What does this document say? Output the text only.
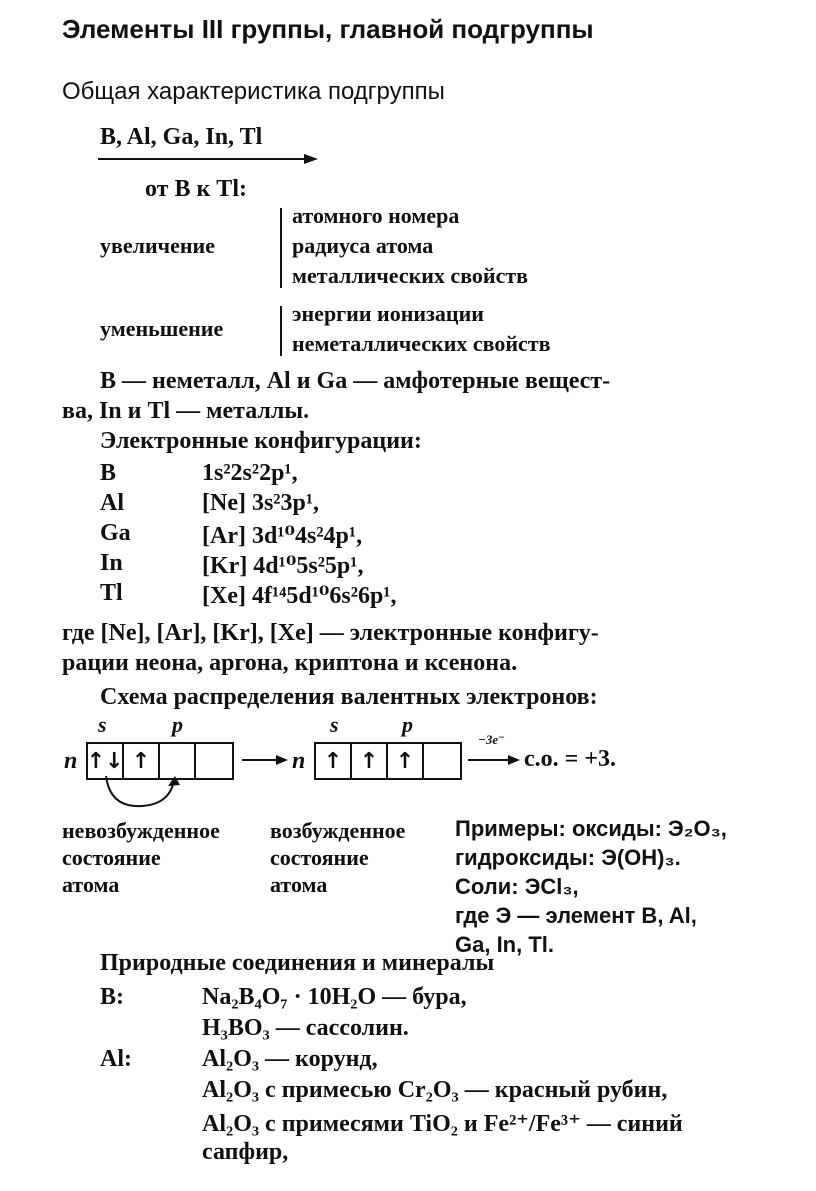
Элементы III группы, главной подгруппы
Общая характеристика подгруппы
B, Al, Ga, In, Tl
от B к Tl:
увеличение
атомного номера
радиуса атома
металлических свойств
уменьшение
энергии ионизации
неметаллических свойств
B — неметалл, Al и Ga — амфотерные вещест-
ва, In и Tl — металлы.
Электронные конфигурации:
B	1s²2s²2p¹,
Al	[Ne] 3s²3p¹,
Ga	[Ar] 3d¹⁰4s²4p¹,
In	[Kr] 4d¹⁰5s²5p¹,
Tl	[Xe] 4f¹⁴5d¹⁰6s²6p¹,
где [Ne], [Ar], [Kr], [Xe] — электронные конфигу-
рации неона, аргона, криптона и ксенона.
Схема распределения валентных электронов:
s	p	s	p
n ↑↓ ↑	n ↑ ↑ ↑
−3e⁻
с.о. = +3.
невозбужденное
состояние
атома
возбужденное
состояние
атома
Примеры: оксиды: Э₂O₃,
гидроксиды: Э(OH)₃.
Соли: ЭCl₃,
где Э — элемент B, Al,
Ga, In, Tl.
Природные соединения и минералы
B:	Na₂B₄O₇ · 10H₂O — бура,
H₃BO₃ — сассолин.
Al:	Al₂O₃ — корунд,
Al₂O₃ с примесью Cr₂O₃ — красный рубин,
Al₂O₃ с примесями TiO₂ и Fe²⁺/Fe³⁺ — синий
сапфир,
